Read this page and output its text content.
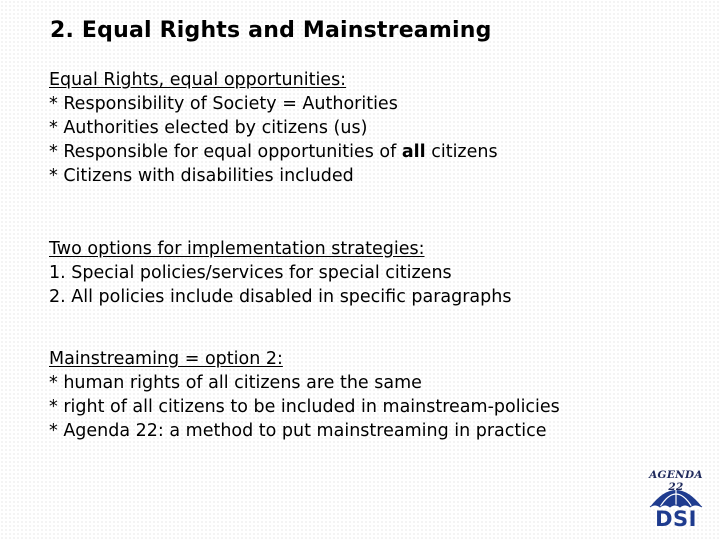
2. Equal Rights and Mainstreaming
Equal Rights, equal opportunities:
* Responsibility of Society = Authorities
* Authorities elected by citizens (us)
* Responsible for equal opportunities of all citizens
* Citizens with disabilities included
Two options for implementation strategies:
1. Special policies/services for special citizens
2. All policies include disabled in specific paragraphs
Mainstreaming = option 2:
* human rights of all citizens are the same
* right of all citizens to be included in mainstream-policies
* Agenda 22: a method to put mainstreaming in practice
AGENDA 22
DSI
